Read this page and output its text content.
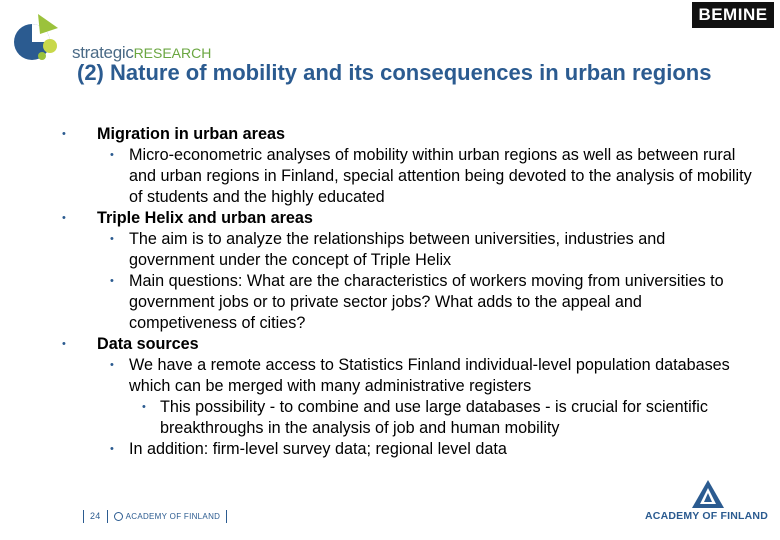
strategicRESEARCH
BEMINE
(2) Nature of mobility and its consequences in urban regions
• Migration in urban areas
• Micro-econometric analyses of mobility within urban regions as well as between rural and urban regions in Finland, special attention being devoted to the analysis of mobility of students and the highly educated
• Triple Helix and urban areas
• The aim is to analyze the relationships between universities, industries and government under the concept of Triple Helix
• Main questions: What are the characteristics of workers moving from universities to government jobs or to private sector jobs? What adds to the appeal and competiveness of cities?
• Data sources
• We have a remote access to Statistics Finland individual-level population databases which can be merged with many administrative registers
• This possibility - to combine and use large databases - is crucial for scientific breakthroughs in the analysis of job and human mobility
• In addition: firm-level survey data; regional level data
24	ACADEMY OF FINLAND	ACADEMY OF FINLAND
